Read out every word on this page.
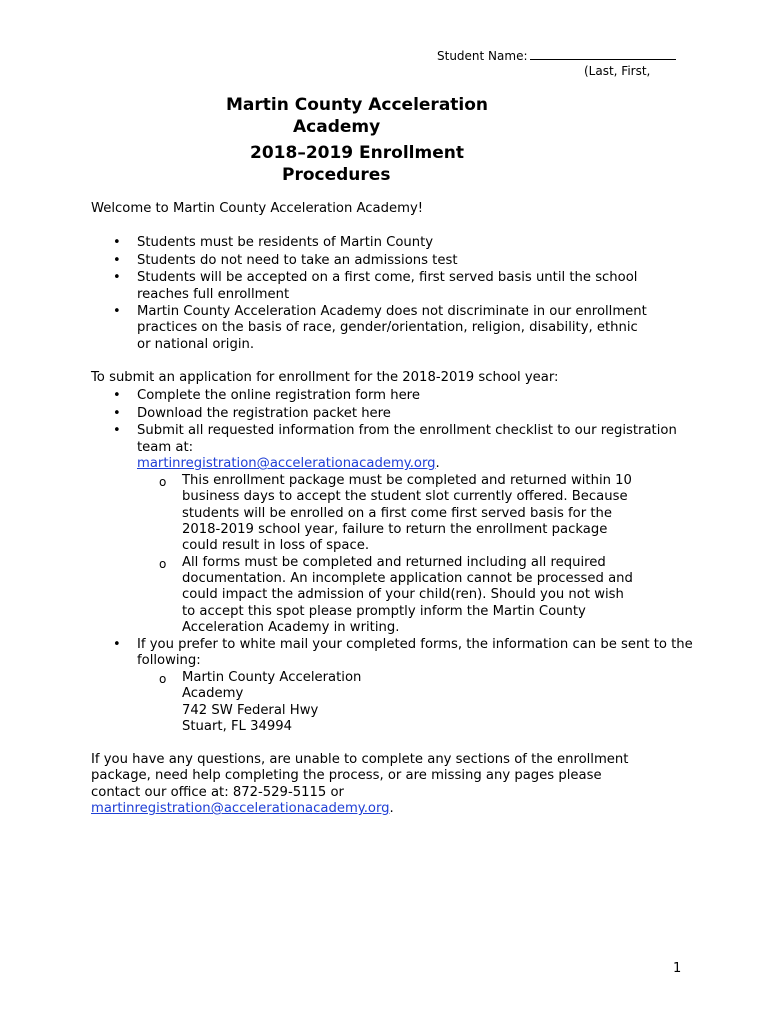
Student Name:
(Last, First,
Martin County Acceleration
Academy
2018–2019 Enrollment
Procedures
Welcome to Martin County Acceleration Academy!
• Students must be residents of Martin County
• Students do not need to take an admissions test
• Students will be accepted on a first come, first served basis until the school
reaches full enrollment
• Martin County Acceleration Academy does not discriminate in our enrollment
practices on the basis of race, gender/orientation, religion, disability, ethnic
or national origin.
To submit an application for enrollment for the 2018-2019 school year:
• Complete the online registration form here
• Download the registration packet here
• Submit all requested information from the enrollment checklist to our registration
team at:
martinregistration@accelerationacademy.org.
o This enrollment package must be completed and returned within 10
business days to accept the student slot currently offered. Because
students will be enrolled on a first come first served basis for the
2018-2019 school year, failure to return the enrollment package
could result in loss of space.
o All forms must be completed and returned including all required
documentation. An incomplete application cannot be processed and
could impact the admission of your child(ren). Should you not wish
to accept this spot please promptly inform the Martin County
Acceleration Academy in writing.
• If you prefer to white mail your completed forms, the information can be sent to the
following:
o Martin County Acceleration
Academy
742 SW Federal Hwy
Stuart, FL 34994
If you have any questions, are unable to complete any sections of the enrollment
package, need help completing the process, or are missing any pages please
contact our office at: 872-529-5115 or
martinregistration@accelerationacademy.org.
1
